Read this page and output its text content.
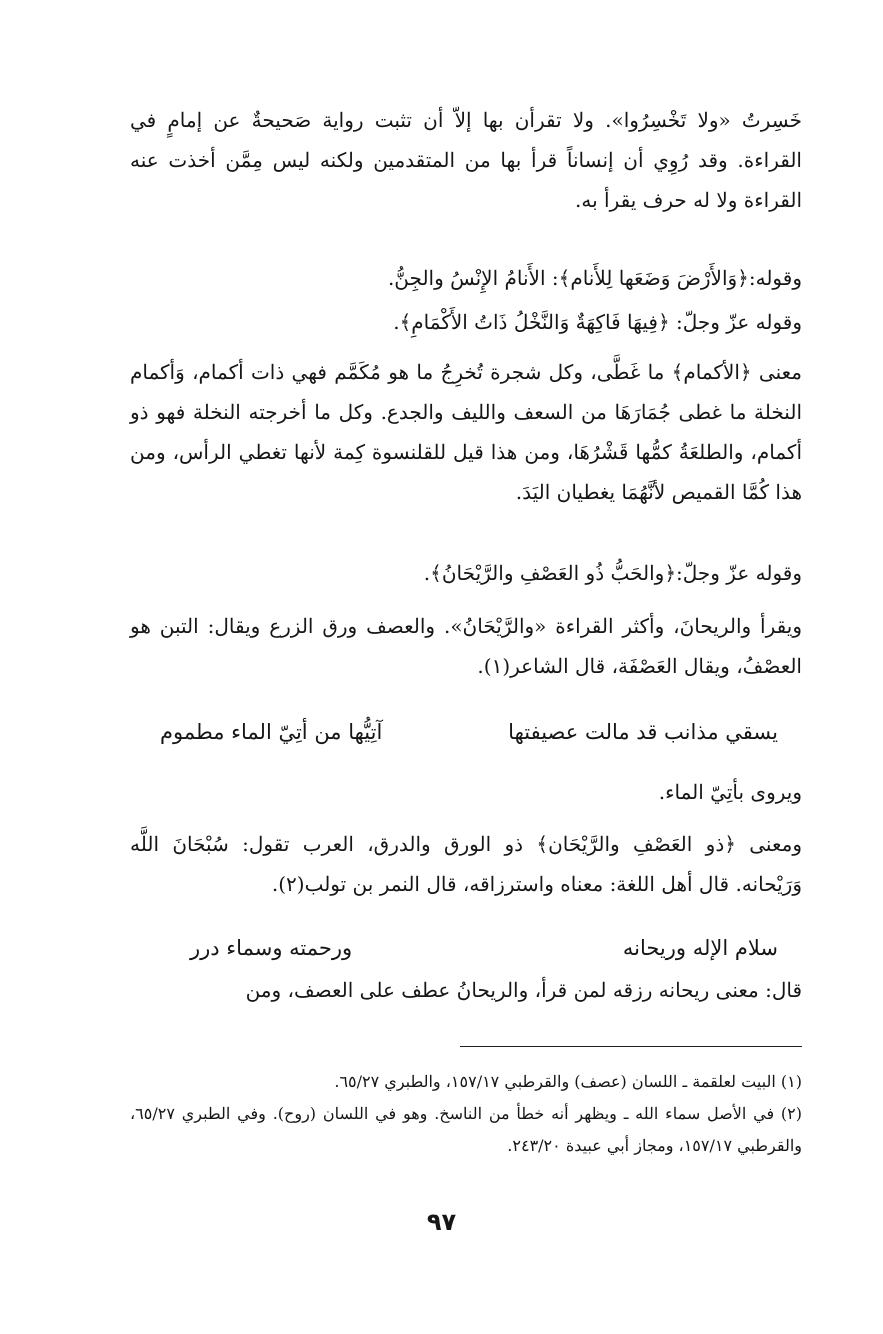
خَسِرتُ «ولا تَخْسِرُوا». ولا تقرأن بها إلاّ أن تثبت رواية صَحيحةٌ عن إمامٍ في القراءة. وقد رُوِي أن إنساناً قرأ بها من المتقدمين ولكنه ليس مِمَّن أخذت عنه القراءة ولا له حرف يقرأ به.

وقوله:﴿وَالأَرْضَ وَضَعَها لِلأَنام﴾: الأَنامُ الإِنْسُ والجِنُّ.

وقوله عزّ وجلّ: ﴿فِيهَا فَاكِهَةٌ وَالنَّخْلُ ذَاتُ الأَكْمَامِ﴾.

معنى ﴿الأكمام﴾ ما غَطَّى، وكل شجرة تُخرِجُ ما هو مُكَمَّم فهي ذات أكمام، وَأكمام النخلة ما غطى جُمَارَهَا من السعف والليف والجدع. وكل ما أخرجته النخلة فهو ذو أكمام، والطلعَةُ كمُّها قَشْرُهَا، ومن هذا قيل للقلنسوة كِمة لأنها تغطي الرأس، ومن هذا كُمَّا القميص لأنَّهُمَا يغطيان اليَدَ.

وقوله عزّ وجلّ:﴿والحَبُّ ذُو العَصْفِ والرَّيْحَانُ﴾.

ويقرأ والريحانَ، وأكثر القراءة «والرَّيْحَانُ». والعصف ورق الزرع ويقال: التبن هو العصْفُ، ويقال العَصْفَة، قال الشاعر(١).

يسقي مذانب قد مالت عصيفتها
آتِيُّها من أتِيّ الماء مطموم

ويروى بأتِيّ الماء.

ومعنى ﴿ذو العَصْفِ والرَّيْحَان﴾ ذو الورق والدرق، العرب تقول: سُبْحَانَ اللَّه وَرَيْحانه. قال أهل اللغة: معناه واسترزاقه، قال النمر بن تولب(٢).

سلام الإله وريحانه
ورحمته وسماء درر

قال: معنى ريحانه رزقه لمن قرأ، والريحانُ عطف على العصف، ومن

(١) البيت لعلقمة ـ اللسان (عصف) والقرطبي ١٥٧/١٧، والطبري ٦٥/٢٧.

(٢) في الأصل سماء الله ـ ويظهر أنه خطأ من الناسخ. وهو في اللسان (روح). وفي الطبري ٦٥/٢٧، والقرطبي ١٥٧/١٧، ومجاز أبي عبيدة ٢٤٣/٢٠.

٩٧
